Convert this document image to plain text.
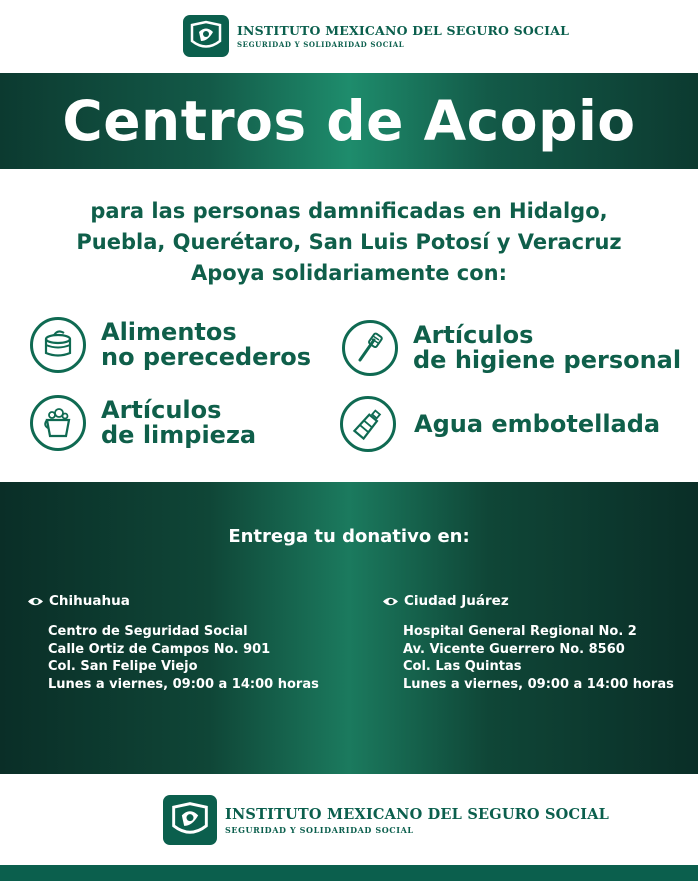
INSTITUTO MEXICANO DEL SEGURO SOCIAL
SEGURIDAD Y SOLIDARIDAD SOCIAL
Centros de Acopio
para las personas damnificadas en Hidalgo,
Puebla, Querétaro, San Luis Potosí y Veracruz
Apoya solidariamente con:
Alimentos
no perecederos
Artículos
de higiene personal
Artículos
de limpieza	Agua embotellada
Entrega tu donativo en:
Chihuahua
Centro de Seguridad Social
Calle Ortiz de Campos No. 901
Col. San Felipe Viejo
Lunes a viernes, 09:00 a 14:00 horas
Ciudad Juárez
Hospital General Regional No. 2
Av. Vicente Guerrero No. 8560
Col. Las Quintas
Lunes a viernes, 09:00 a 14:00 horas
INSTITUTO MEXICANO DEL SEGURO SOCIAL
SEGURIDAD Y SOLIDARIDAD SOCIAL
